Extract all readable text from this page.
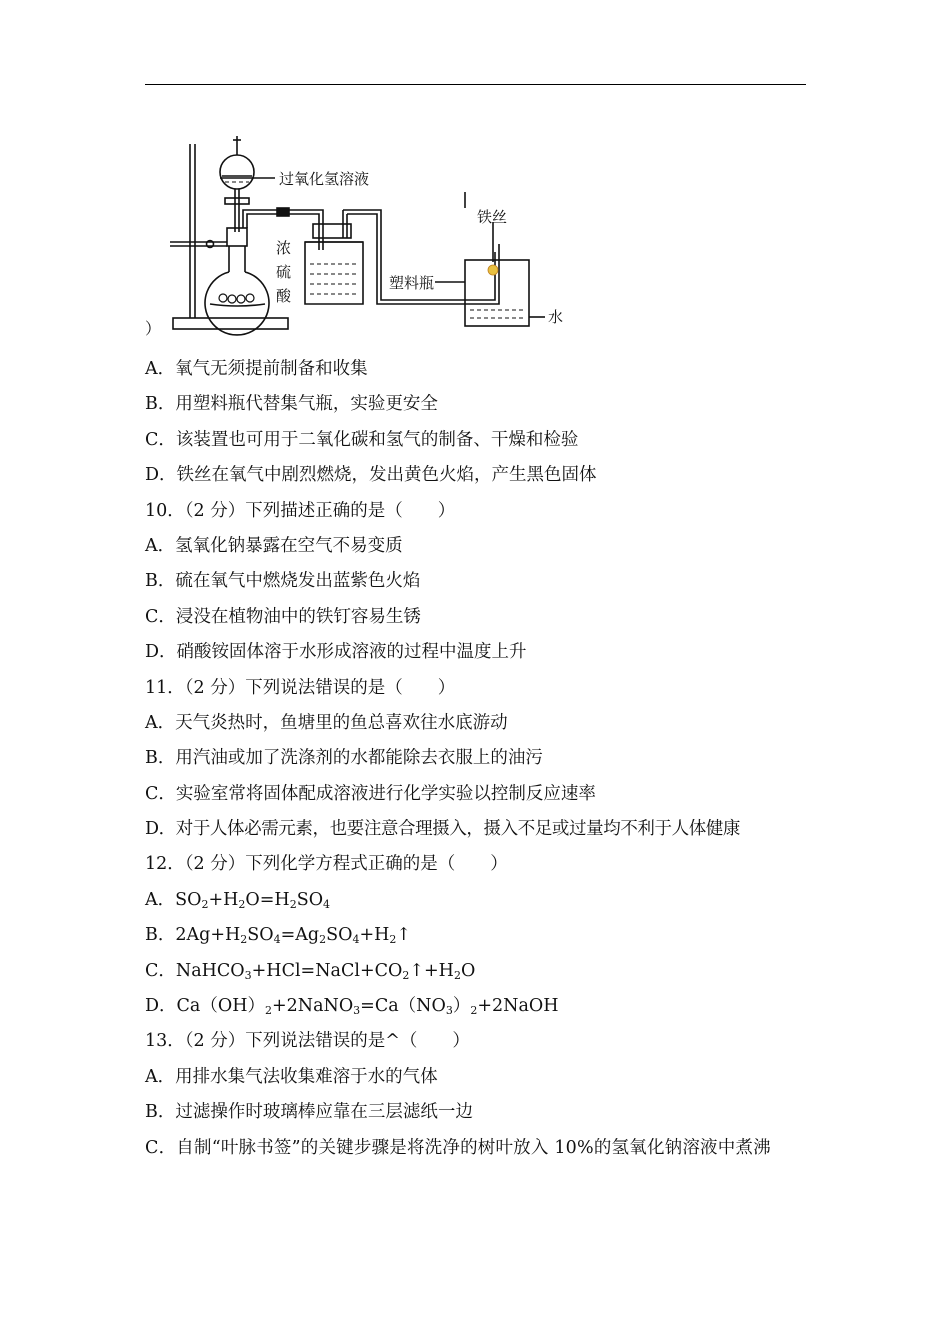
过氧化氢溶液
浓
硫
酸
铁丝
塑料瓶
水
）
A．氧气无须提前制备和收集
B．用塑料瓶代替集气瓶，实验更安全
C．该装置也可用于二氧化碳和氢气的制备、干燥和检验
D．铁丝在氧气中剧烈燃烧，发出黄色火焰，产生黑色固体
10．（2 分）下列描述正确的是（　　）
A．氢氧化钠暴露在空气不易变质
B．硫在氧气中燃烧发出蓝紫色火焰
C．浸没在植物油中的铁钉容易生锈
D．硝酸铵固体溶于水形成溶液的过程中温度上升
11．（2 分）下列说法错误的是（　　）
A．天气炎热时，鱼塘里的鱼总喜欢往水底游动
B．用汽油或加了洗涤剂的水都能除去衣服上的油污
C．实验室常将固体配成溶液进行化学实验以控制反应速率
D．对于人体必需元素，也要注意合理摄入，摄入不足或过量均不利于人体健康
12．（2 分）下列化学方程式正确的是（　　）
A．$SO_2+H_2O=H_2SO_4$
B．$2Ag+H_2SO_4=Ag_2SO_4+H_2↑$
C．$NaHCO_3+HCl=NaCl+CO_2↑+H_2O$
D．$Ca(OH)_2+2NaNO_3=Ca(NO_3)_2+2NaOH$
13．（2 分）下列说法错误的是^（　　）
A．用排水集气法收集难溶于水的气体
B．过滤操作时玻璃棒应靠在三层滤纸一边
C．自制“叶脉书签”的关键步骤是将洗净的树叶放入 10%的氢氧化钠溶液中煮沸
